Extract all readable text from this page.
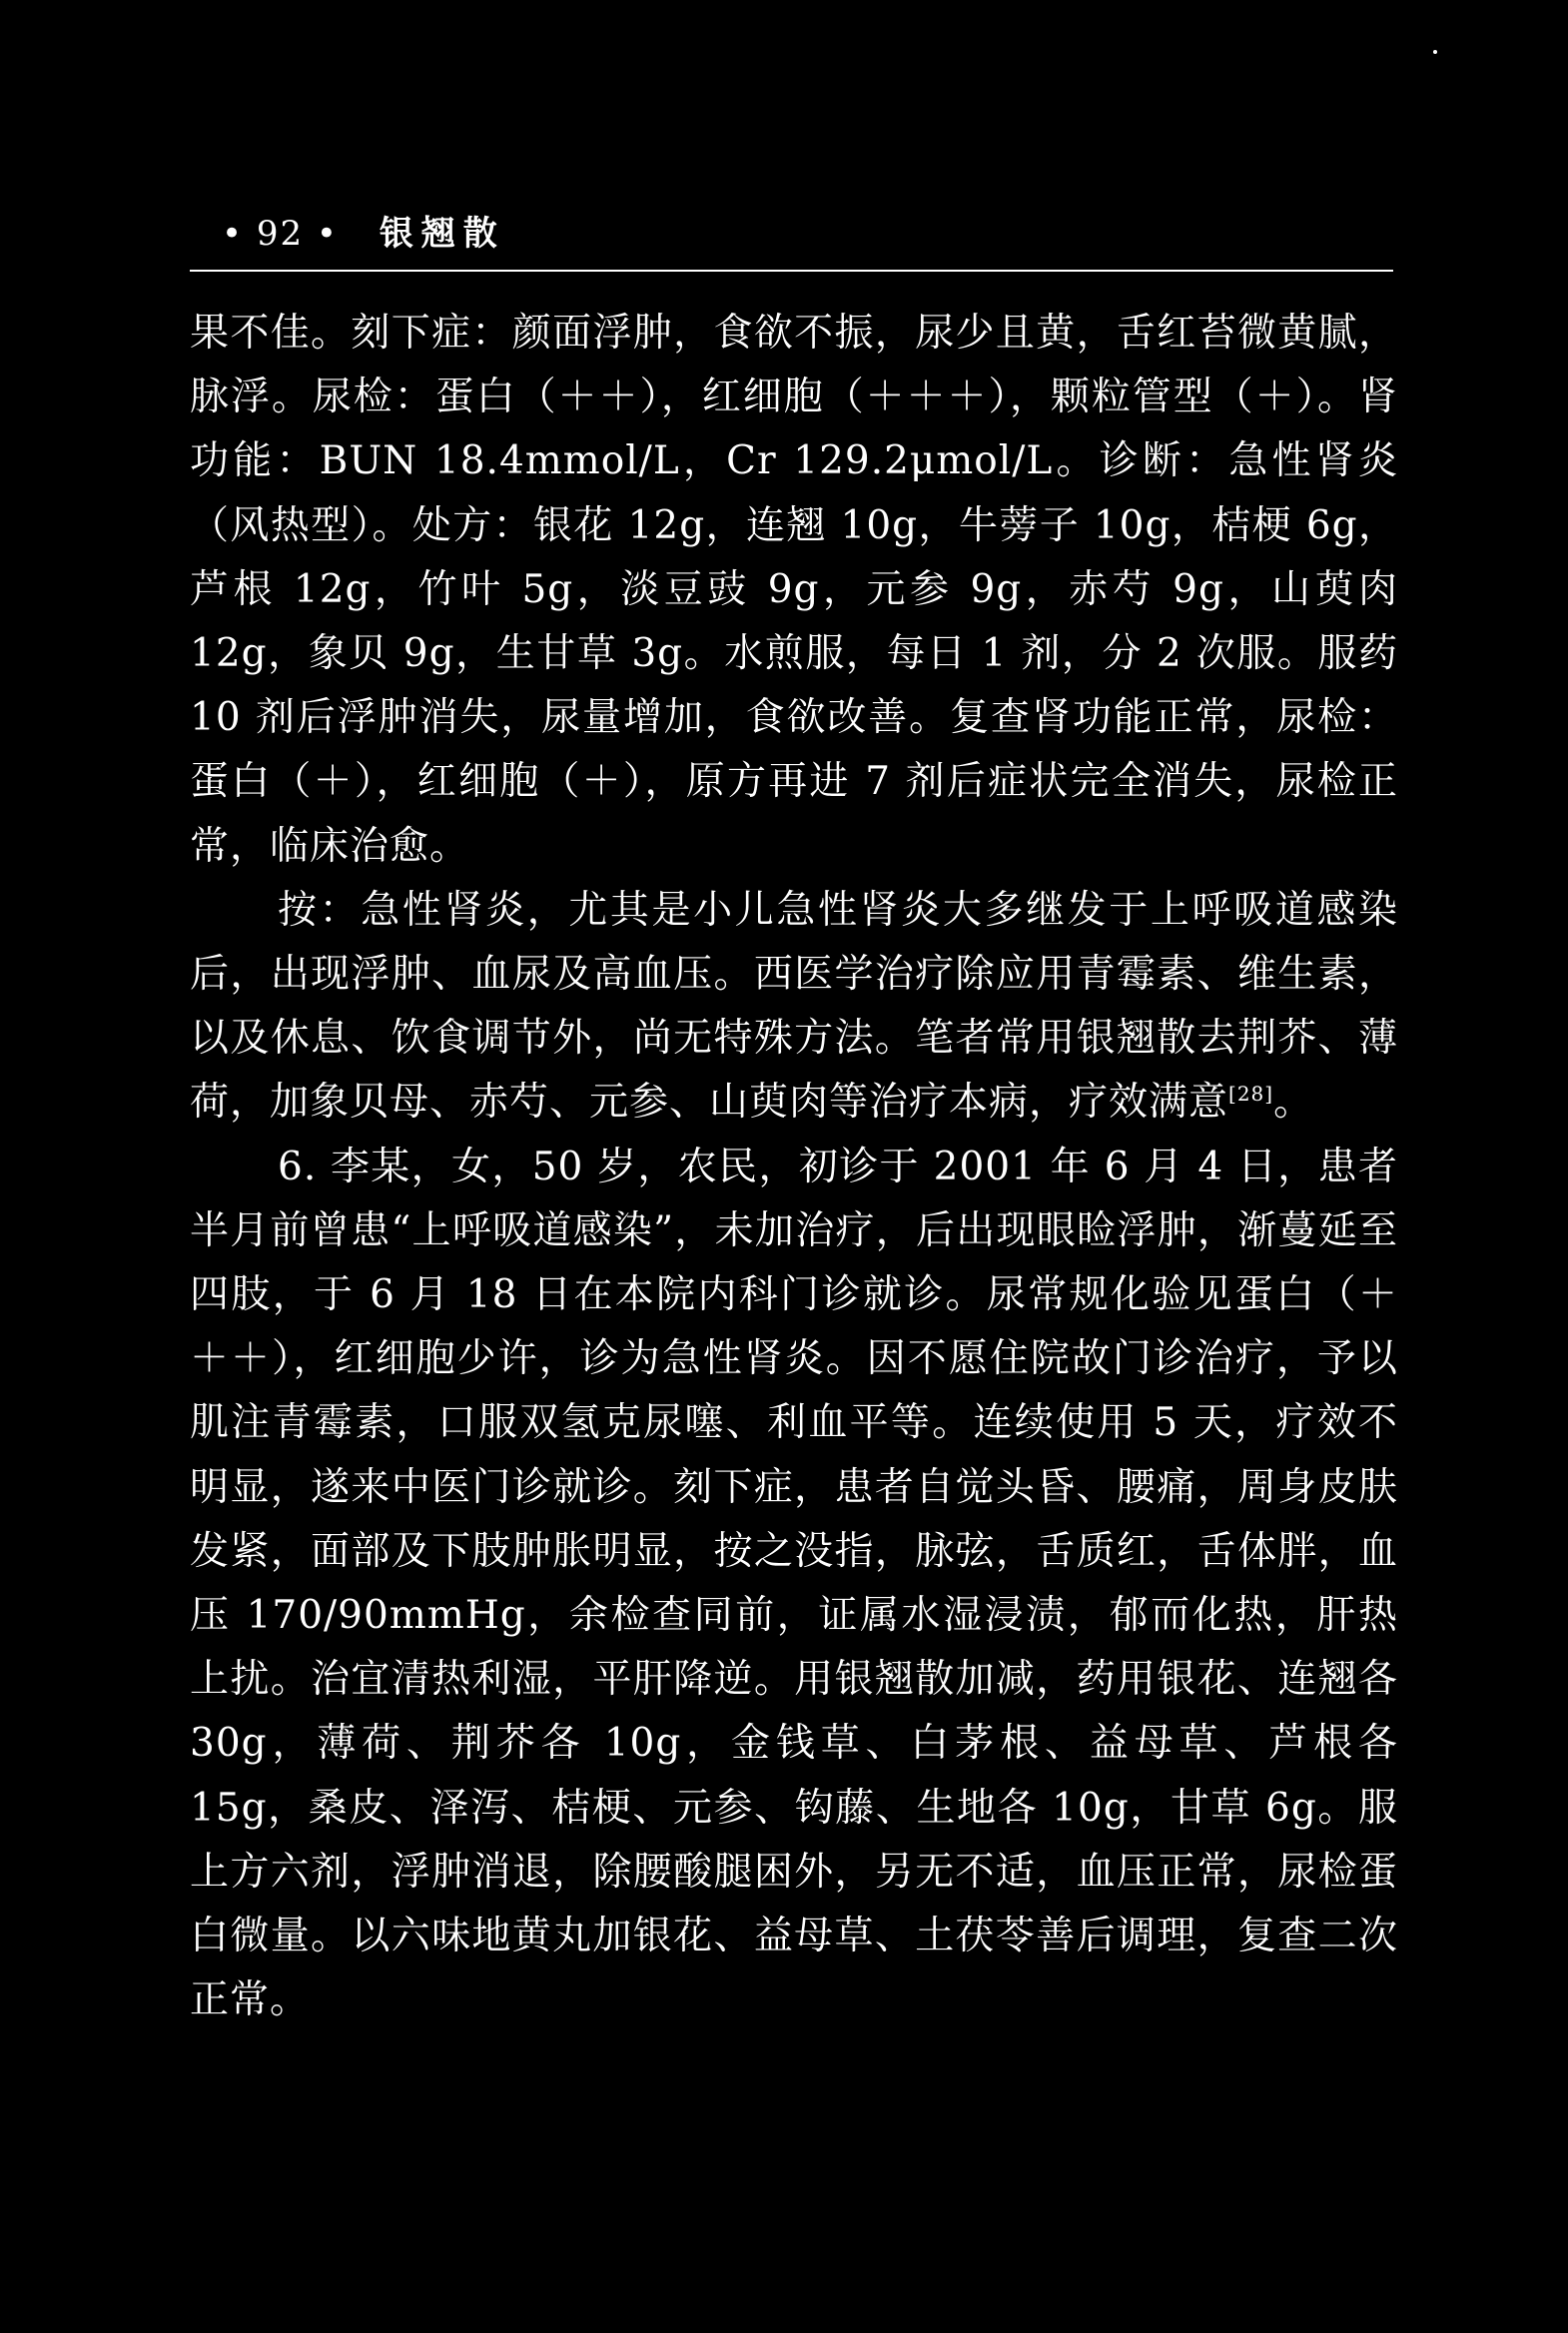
• 92 • 银翘散

果不佳。刻下症：颜面浮肿，食欲不振，尿少且黄，舌红苔微黄腻，脉浮。尿检：蛋白（＋＋），红细胞（＋＋＋），颗粒管型（＋）。肾功能：BUN 18.4mmol/L，Cr 129.2μmol/L。诊断：急性肾炎（风热型）。处方：银花 12g，连翘 10g，牛蒡子 10g，桔梗 6g，芦根 12g，竹叶 5g，淡豆豉 9g，元参 9g，赤芍 9g，山萸肉 12g，象贝 9g，生甘草 3g。水煎服，每日 1 剂，分 2 次服。服药 10 剂后浮肿消失，尿量增加，食欲改善。复查肾功能正常，尿检：蛋白（＋），红细胞（＋），原方再进 7 剂后症状完全消失，尿检正常，临床治愈。

按：急性肾炎，尤其是小儿急性肾炎大多继发于上呼吸道感染后，出现浮肿、血尿及高血压。西医学治疗除应用青霉素、维生素，以及休息、饮食调节外，尚无特殊方法。笔者常用银翘散去荆芥、薄荷，加象贝母、赤芍、元参、山萸肉等治疗本病，疗效满意[28]。

6. 李某，女，50 岁，农民，初诊于 2001 年 6 月 4 日，患者半月前曾患“上呼吸道感染”，未加治疗，后出现眼睑浮肿，渐蔓延至四肢，于 6 月 18 日在本院内科门诊就诊。尿常规化验见蛋白（＋＋＋），红细胞少许，诊为急性肾炎。因不愿住院故门诊治疗，予以肌注青霉素，口服双氢克尿噻、利血平等。连续使用 5 天，疗效不明显，遂来中医门诊就诊。刻下症，患者自觉头昏、腰痛，周身皮肤发紧，面部及下肢肿胀明显，按之没指，脉弦，舌质红，舌体胖，血压 170/90mmHg，余检查同前，证属水湿浸渍，郁而化热，肝热上扰。治宜清热利湿，平肝降逆。用银翘散加减，药用银花、连翘各 30g，薄荷、荆芥各 10g，金钱草、白茅根、益母草、芦根各 15g，桑皮、泽泻、桔梗、元参、钩藤、生地各 10g，甘草 6g。服上方六剂，浮肿消退，除腰酸腿困外，另无不适，血压正常，尿检蛋白微量。以六味地黄丸加银花、益母草、土茯苓善后调理，复查二次正常。
